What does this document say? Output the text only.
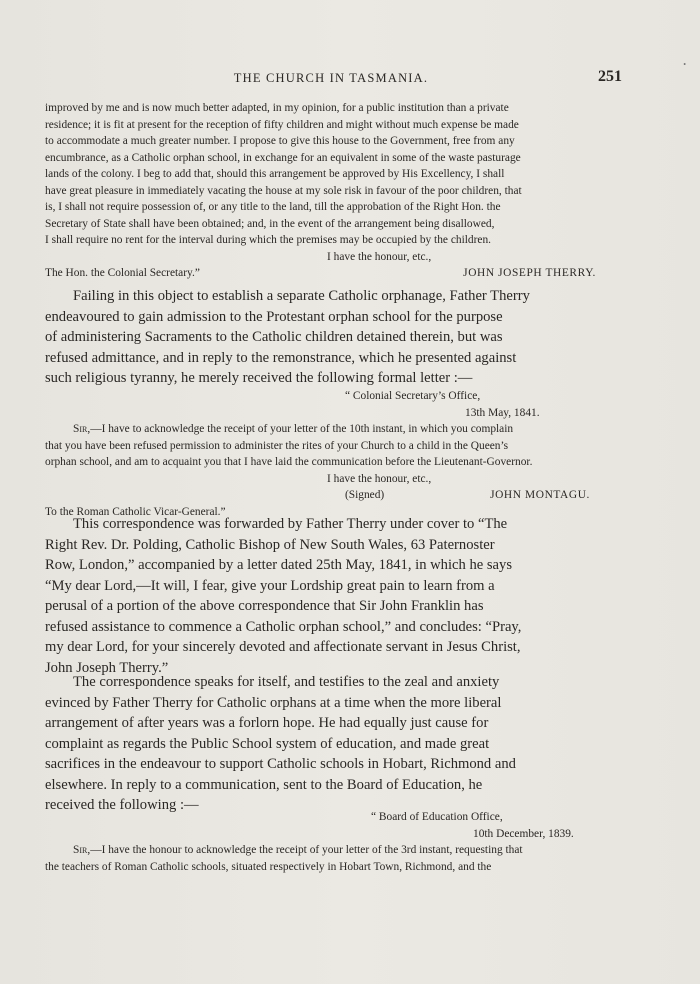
THE CHURCH IN TASMANIA.	251
•

improved by me and is now much better adapted, in my opinion, for a public institution than a private

residence; it is fit at present for the reception of fifty children and might without much expense be made

to accommodate a much greater number. I propose to give this house to the Government, free from any

encumbrance, as a Catholic orphan school, in exchange for an equivalent in some of the waste pasturage

lands of the colony. I beg to add that, should this arrangement be approved by His Excellency, I shall

have great pleasure in immediately vacating the house at my sole risk in favour of the poor children, that

is, I shall not require possession of, or any title to the land, till the approbation of the Right Hon. the

Secretary of State shall have been obtained; and, in the event of the arrangement being disallowed,

I shall require no rent for the interval during which the premises may be occupied by the children.

I have the honour, etc.,

The Hon. the Colonial Secretary.”	JOHN JOSEPH THERRY.

Failing in this object to establish a separate Catholic orphanage, Father Therry

endeavoured to gain admission to the Protestant orphan school for the purpose

of administering Sacraments to the Catholic children detained therein, but was

refused admittance, and in reply to the remonstrance, which he presented against

such religious tyranny, he merely received the following formal letter :—

“ Colonial Secretary’s Office,

13th May, 1841.

Sir,—I have to acknowledge the receipt of your letter of the 10th instant, in which you complain

that you have been refused permission to administer the rites of your Church to a child in the Queen’s

orphan school, and am to acquaint you that I have laid the communication before the Lieutenant-Governor.

I have the honour, etc.,

(Signed)	JOHN MONTAGU.

To the Roman Catholic Vicar-General.”

This correspondence was forwarded by Father Therry under cover to “The

Right Rev. Dr. Polding, Catholic Bishop of New South Wales, 63 Paternoster

Row, London,” accompanied by a letter dated 25th May, 1841, in which he says

“My dear Lord,—It will, I fear, give your Lordship great pain to learn from a

perusal of a portion of the above correspondence that Sir John Franklin has

refused assistance to commence a Catholic orphan school,” and concludes: “Pray,

my dear Lord, for your sincerely devoted and affectionate servant in Jesus Christ,

John Joseph Therry.”

The correspondence speaks for itself, and testifies to the zeal and anxiety

evinced by Father Therry for Catholic orphans at a time when the more liberal

arrangement of after years was a forlorn hope. He had equally just cause for

complaint as regards the Public School system of education, and made great

sacrifices in the endeavour to support Catholic schools in Hobart, Richmond and

elsewhere. In reply to a communication, sent to the Board of Education, he

received the following :—

“ Board of Education Office,

10th December, 1839.

Sir,—I have the honour to acknowledge the receipt of your letter of the 3rd instant, requesting that

the teachers of Roman Catholic schools, situated respectively in Hobart Town, Richmond, and the
